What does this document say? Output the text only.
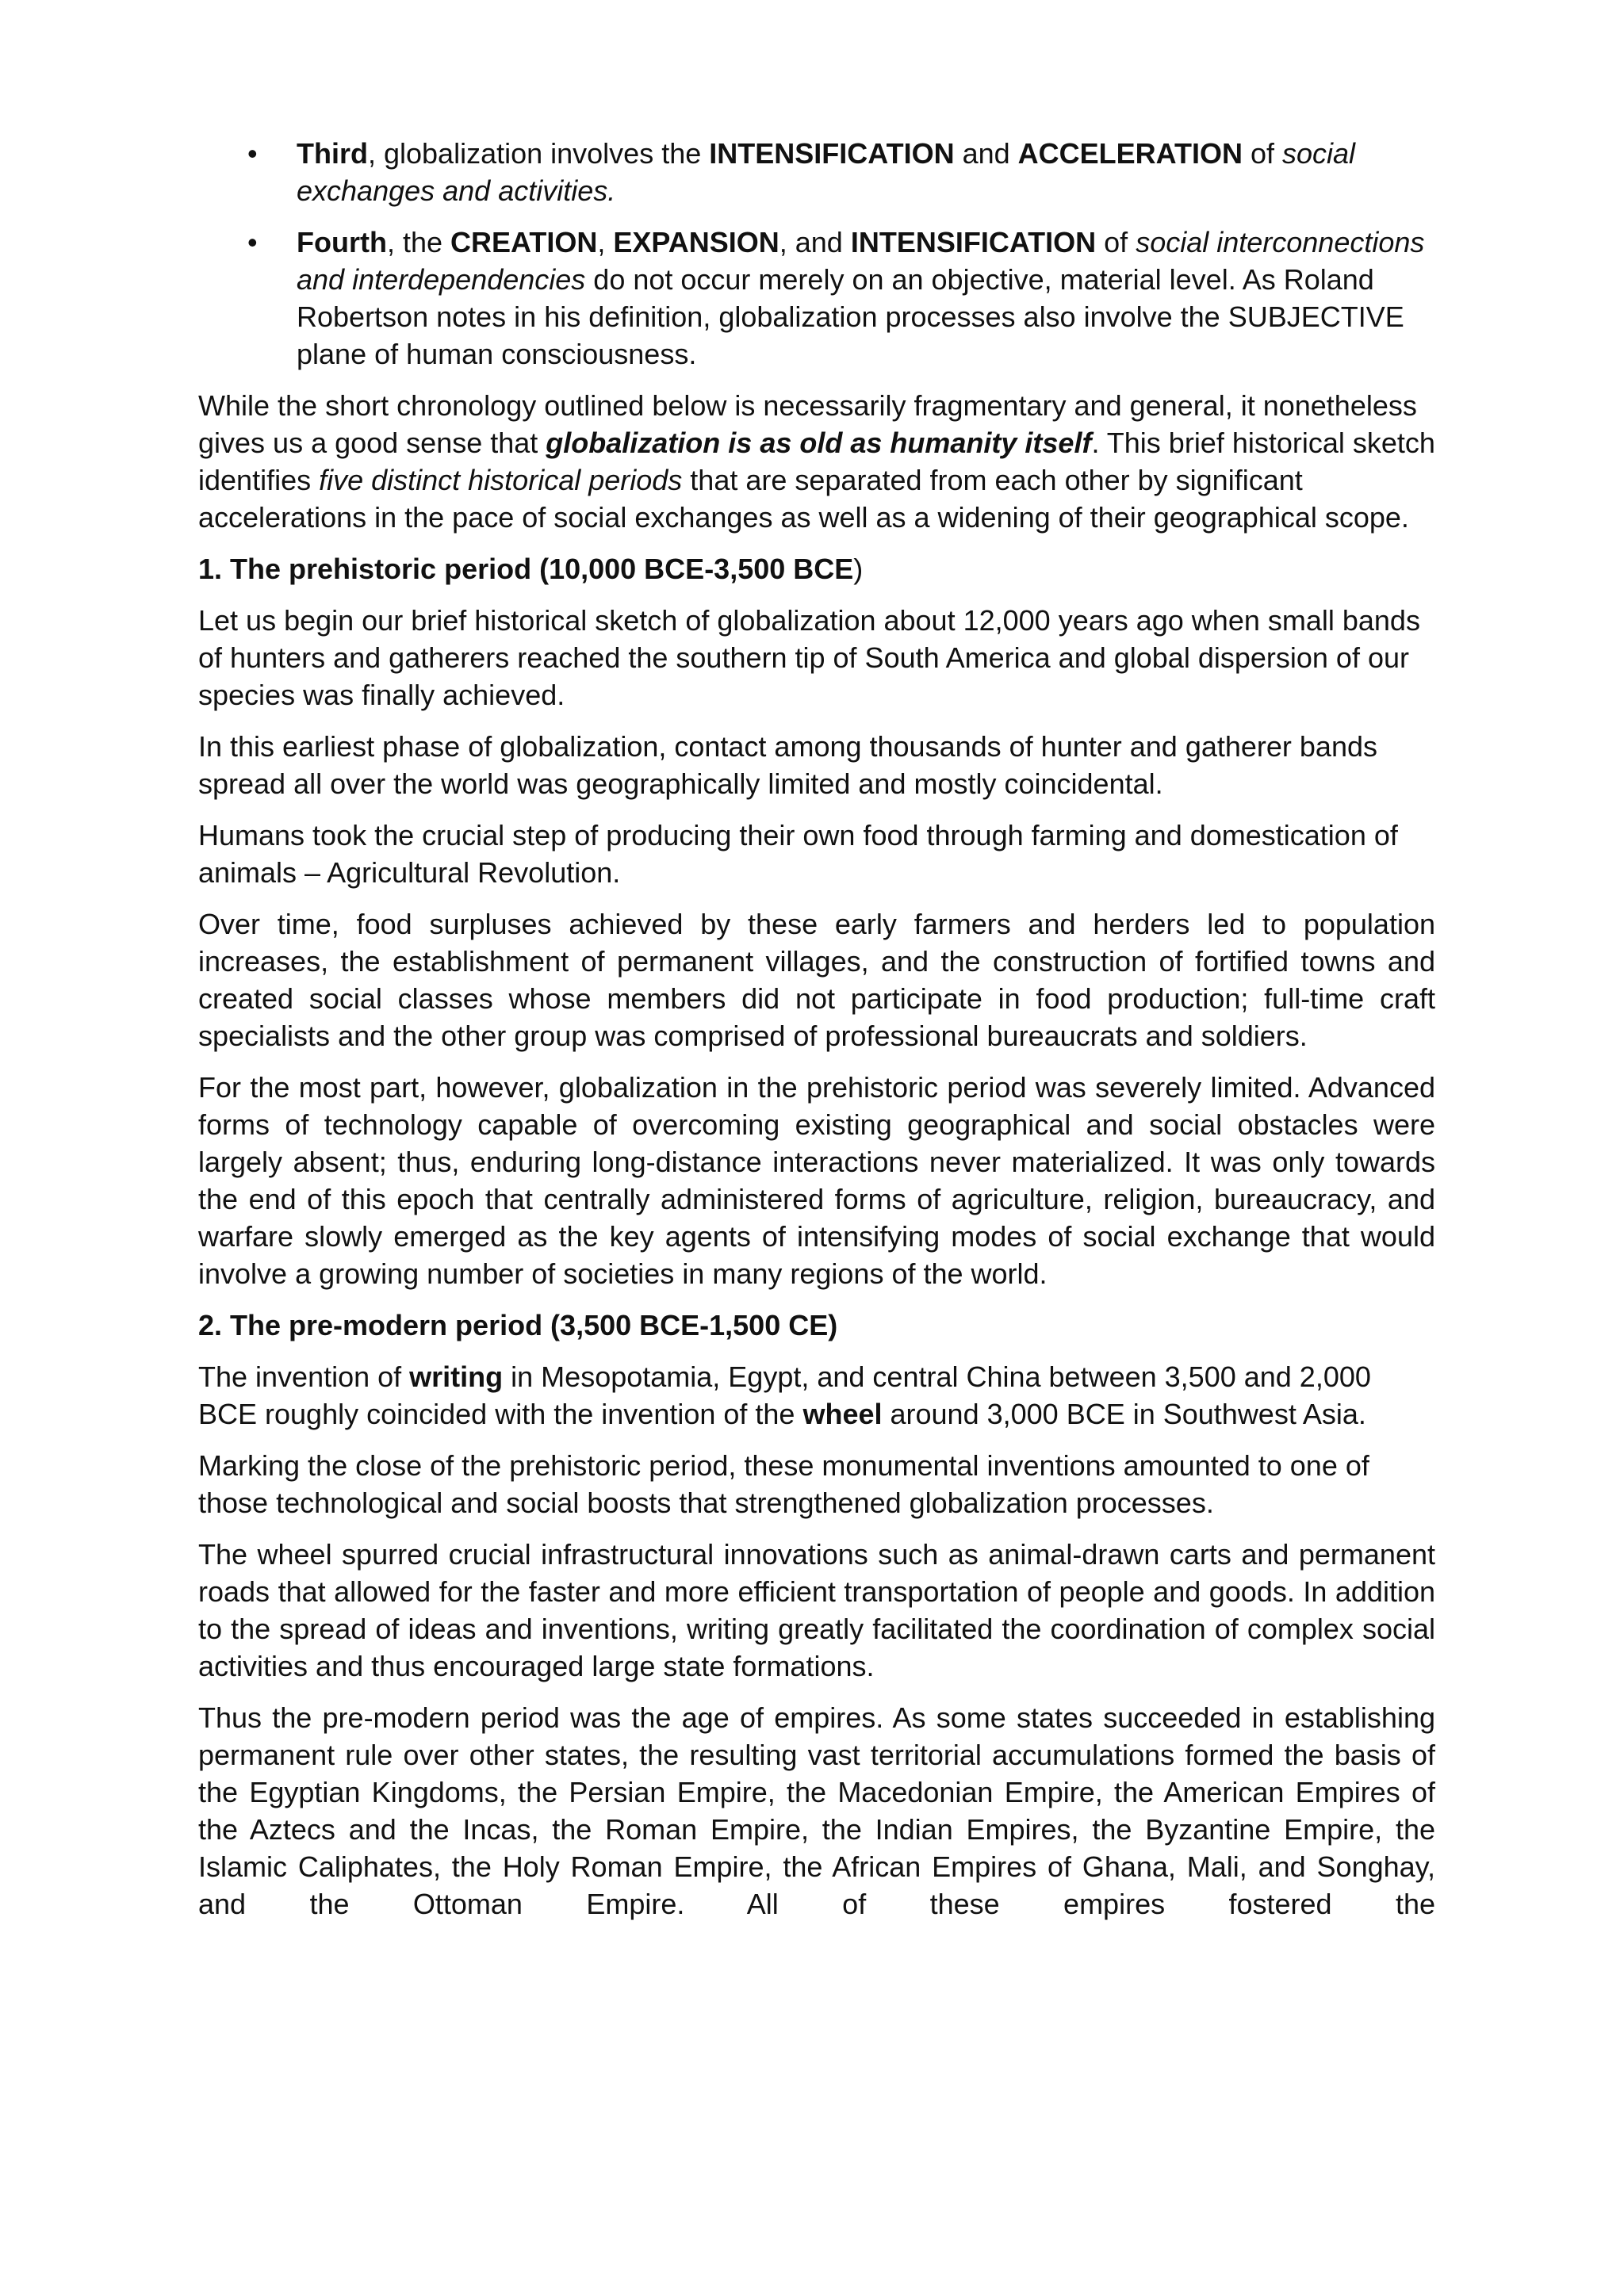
• Third, globalization involves the INTENSIFICATION and ACCELERATION of social exchanges and activities.
• Fourth, the CREATION, EXPANSION, and INTENSIFICATION of social interconnections and interdependencies do not occur merely on an objective, material level. As Roland Robertson notes in his definition, globalization processes also involve the SUBJECTIVE plane of human consciousness.

While the short chronology outlined below is necessarily fragmentary and general, it nonetheless gives us a good sense that globalization is as old as humanity itself. This brief historical sketch identifies five distinct historical periods that are separated from each other by significant accelerations in the pace of social exchanges as well as a widening of their geographical scope.

1. The prehistoric period (10,000 BCE-3,500 BCE)

Let us begin our brief historical sketch of globalization about 12,000 years ago when small bands of hunters and gatherers reached the southern tip of South America and global dispersion of our species was finally achieved.

In this earliest phase of globalization, contact among thousands of hunter and gatherer bands spread all over the world was geographically limited and mostly coincidental.

Humans took the crucial step of producing their own food through farming and domestication of animals – Agricultural Revolution.

Over time, food surpluses achieved by these early farmers and herders led to population increases, the establishment of permanent villages, and the construction of fortified towns and created social classes whose members did not participate in food production; full-time craft specialists and the other group was comprised of professional bureaucrats and soldiers.

For the most part, however, globalization in the prehistoric period was severely limited. Advanced forms of technology capable of overcoming existing geographical and social obstacles were largely absent; thus, enduring long-distance interactions never materialized. It was only towards the end of this epoch that centrally administered forms of agriculture, religion, bureaucracy, and warfare slowly emerged as the key agents of intensifying modes of social exchange that would involve a growing number of societies in many regions of the world.

2. The pre-modern period (3,500 BCE-1,500 CE)

The invention of writing in Mesopotamia, Egypt, and central China between 3,500 and 2,000 BCE roughly coincided with the invention of the wheel around 3,000 BCE in Southwest Asia.

Marking the close of the prehistoric period, these monumental inventions amounted to one of those technological and social boosts that strengthened globalization processes.

The wheel spurred crucial infrastructural innovations such as animal-drawn carts and permanent roads that allowed for the faster and more efficient transportation of people and goods. In addition to the spread of ideas and inventions, writing greatly facilitated the coordination of complex social activities and thus encouraged large state formations.

Thus the pre-modern period was the age of empires. As some states succeeded in establishing permanent rule over other states, the resulting vast territorial accumulations formed the basis of the Egyptian Kingdoms, the Persian Empire, the Macedonian Empire, the American Empires of the Aztecs and the Incas, the Roman Empire, the Indian Empires, the Byzantine Empire, the Islamic Caliphates, the Holy Roman Empire, the African Empires of Ghana, Mali, and Songhay, and the Ottoman Empire. All of these empires fostered the
